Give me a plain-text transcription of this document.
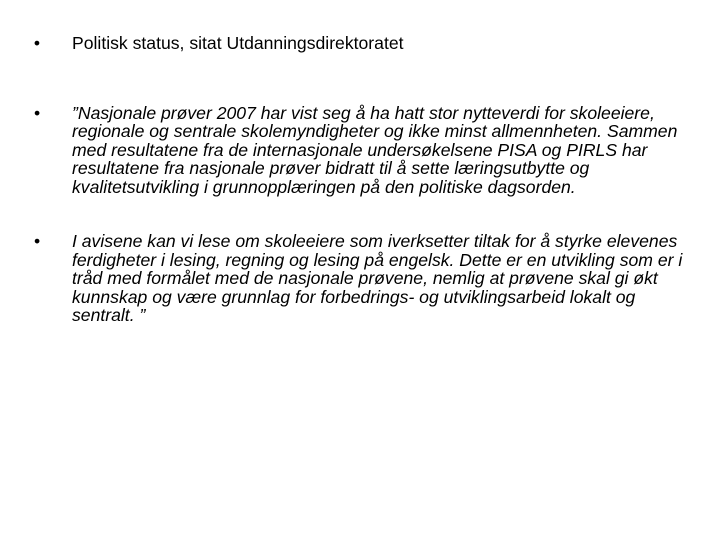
• Politisk status, sitat Utdanningsdirektoratet
• ”Nasjonale prøver 2007 har vist seg å ha hatt stor nytteverdi for skoleeiere, regionale og sentrale skolemyndigheter og ikke minst allmennheten. Sammen med resultatene fra de internasjonale undersøkelsene PISA og PIRLS har resultatene fra nasjonale prøver bidratt til å sette læringsutbytte og kvalitetsutvikling i grunnopplæringen på den politiske dagsorden.
• I avisene kan vi lese om skoleeiere som iverksetter tiltak for å styrke elevenes ferdigheter i lesing, regning og lesing på engelsk. Dette er en utvikling som er i tråd med formålet med de nasjonale prøvene, nemlig at prøvene skal gi økt kunnskap og være grunnlag for forbedrings- og utviklingsarbeid lokalt og sentralt. ”
